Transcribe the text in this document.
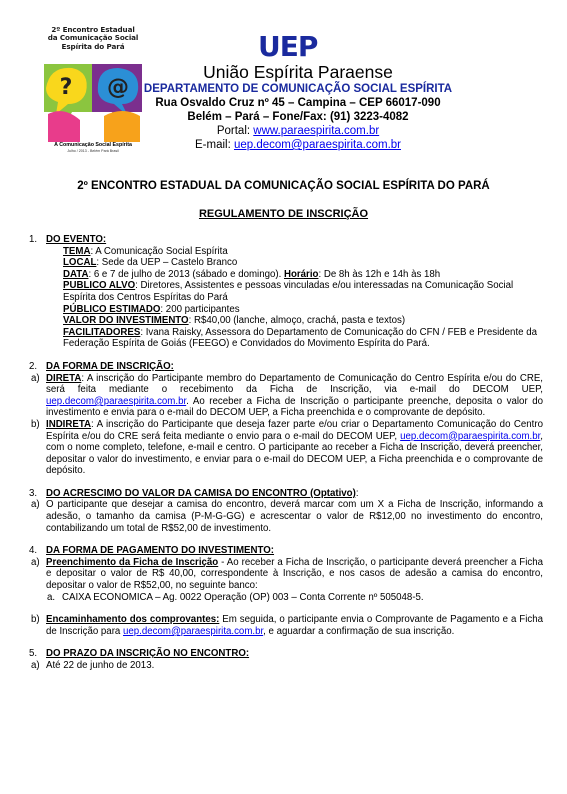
2º Encontro Estadual
da Comunicação Social
Espírita do Pará
? @
A Comunicação Social Espírita
Julho / 2013 - Belém Pará Brasil
UEP
União Espírita Paraense
DEPARTAMENTO DE COMUNICAÇÃO SOCIAL ESPÍRITA
Rua Osvaldo Cruz nº 45 – Campina – CEP 66017-090
Belém – Pará – Fone/Fax: (91) 3223-4082
Portal: www.paraespirita.com.br
E-mail: uep.decom@paraespirita.com.br
2º ENCONTRO ESTADUAL DA COMUNICAÇÃO SOCIAL ESPÍRITA DO PARÁ
REGULAMENTO DE INSCRIÇÃO
1. DO EVENTO:
TEMA: A Comunicação Social Espírita
LOCAL: Sede da UEP – Castelo Branco
DATA: 6 e 7 de julho de 2013 (sábado e domingo). Horário: De 8h às 12h e 14h às 18h
PUBLICO ALVO: Diretores, Assistentes e pessoas vinculadas e/ou interessadas na Comunicação Social Espírita dos Centros Espíritas do Pará
PÚBLICO ESTIMADO: 200 participantes
VALOR DO INVESTIMENTO: R$40,00 (lanche, almoço, crachá, pasta e textos)
FACILITADORES: Ivana Raisky, Assessora do Departamento de Comunicação do CFN / FEB e Presidente da Federação Espírita de Goiás (FEEGO) e Convidados do Movimento Espírita do Pará.
2. DA FORMA DE INSCRIÇÃO:
a) DIRETA: A inscrição do Participante membro do Departamento de Comunicação do Centro Espírita e/ou do CRE, será feita mediante o recebimento da Ficha de Inscrição, via e-mail do DECOM UEP, uep.decom@paraespirita.com.br. Ao receber a Ficha de Inscrição o participante preenche, deposita o valor do investimento e envia para o e-mail do DECOM UEP, a Ficha preenchida e o comprovante de depósito.
b) INDIRETA: A inscrição do Participante que deseja fazer parte e/ou criar o Departamento Comunicação do Centro Espírita e/ou do CRE será feita mediante o envio para o e-mail do DECOM UEP, uep.decom@paraespirita.com.br, com o nome completo, telefone, e-mail e centro. O participante ao receber a Ficha de Inscrição, deverá preencher, depositar o valor do investimento, e enviar para o e-mail do DECOM UEP, a Ficha preenchida e o comprovante de depósito.
3. DO ACRESCIMO DO VALOR DA CAMISA DO ENCONTRO (Optativo):
a) O participante que desejar a camisa do encontro, deverá marcar com um X a Ficha de Inscrição, informando a adesão, o tamanho da camisa (P-M-G-GG) e acrescentar o valor de R$12,00 no investimento do encontro, contabilizando um total de R$52,00 de investimento.
4. DA FORMA DE PAGAMENTO DO INVESTIMENTO:
a) Preenchimento da Ficha de Inscrição - Ao receber a Ficha de Inscrição, o participante deverá preencher a Ficha e depositar o valor de R$ 40,00, correspondente à Inscrição, e nos casos de adesão a camisa do encontro, depositar o valor de R$52,00, no seguinte banco:
a. CAIXA ECONOMICA – Ag. 0022 Operação (OP) 003 – Conta Corrente nº 505048-5.
b) Encaminhamento dos comprovantes: Em seguida, o participante envia o Comprovante de Pagamento e a Ficha de Inscrição para uep.decom@paraespirita.com.br, e aguardar a confirmação de sua inscrição.
5. DO PRAZO DA INSCRIÇÃO NO ENCONTRO:
a) Até 22 de junho de 2013.
